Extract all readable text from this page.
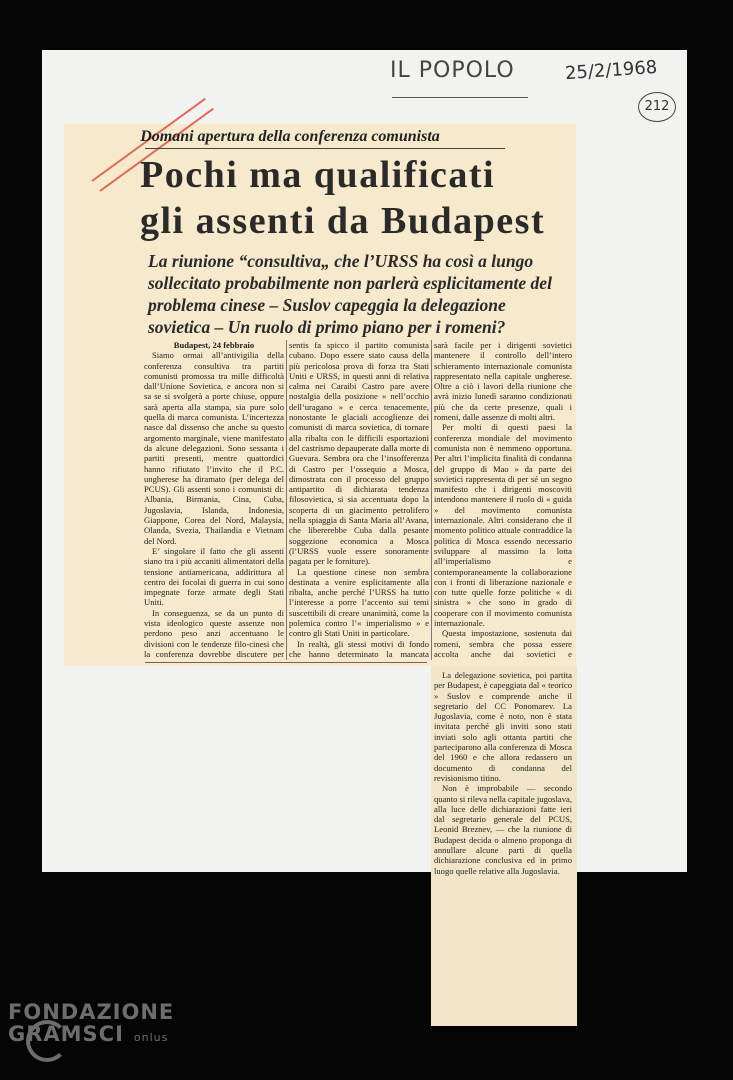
IL POPOLO	25/2/1968
212
Domani apertura della conferenza comunista
Pochi ma qualificati
gli assenti da Budapest
La riunione “consultiva„ che l’URSS ha così a lungo sollecitato probabilmente non parlerà esplicitamente del problema cinese – Suslov capeggia la delegazione sovietica – Un ruolo di primo piano per i romeni?

Budapest, 24 febbraio

Siamo ormai all’antivigilia della conferenza consultiva tra partiti comunisti promossa tra mille difficoltà dall’Unione Sovietica, e ancora non si sa se si svolgerà a porte chiuse, oppure sarà aperta alla stampa, sia pure solo quella di marca comunista. L’incertezza nasce dal dissenso che anche su questo argomento marginale, viene manifestato da alcune delegazioni. Sono sessanta i partiti presenti, mentre quattordici hanno rifiutato l’invito che il P.C. ungherese ha diramato (per delega del PCUS). Gli assenti sono i comunisti di: Albania, Birmania, Cina, Cuba, Jugoslavia, Islanda, Indonesia, Giappone, Corea del Nord, Malaysia, Olanda, Svezia, Thailandia e Vietnam del Nord.

E’ singolare il fatto che gli assenti siano tra i più accaniti alimentatori della tensione antiamericana, addirittura al centro dei focolai di guerra in cui sono impegnate forze armate degli Stati Uniti.

In conseguenza, se da un punto di vista ideologico queste assenze non perdono peso anzi accentuano le divisioni con le tendenze filo-cinesi che la conferenza dovrebbe discutere per

sentis fa spicco il partito comunista cubano. Dopo essere stato causa della più pericolosa prova di forza tra Stati Uniti e URSS, in questi anni di relativa calma nei Caraibi Castro pare avere nostalgia della posizione « nell’occhio dell’uragano » e cerca tenacemente, nonostante le glaciali accoglienze dei comunisti di marca sovietica, di tornare alla ribalta con le difficili esportazioni del castrismo depauperate dalla morte di Guevara. Sembra ora che l’insofferenza di Castro per l’ossequio a Mosca, dimostrata con il processo del gruppo antipartito di dichiarata tendenza filosovietica, si sia accentuata dopo la scoperta di un giacimento petrolifero nella spiaggia di Santa Maria all’Avana, che libererebbe Cuba dalla pesante soggezione economica a Mosca (l’URSS vuole essere sonoramente pagata per le forniture).

La questione cinese non sembra destinata a venire esplicitamente alla ribalta, anche perché l’URSS ha tutto l’interesse a porre l’accento sui temi suscettibili di creare unanimità, come la polemica contro l’« imperialismo » e contro gli Stati Uniti in particolare.

In realtà, gli stessi motivi di fondo che hanno determinato la mancata

sarà facile per i dirigenti sovietici mantenere il controllo dell’intero schieramento internazionale comunista rappresentato nella capitale ungherese. Oltre a ciò i lavori della riunione che avrà inizio lunedì saranno condizionati più che da certe presenze, quali i romeni, dalle assenze di molti altri.

Per molti di questi paesi la conferenza mondiale del movimento comunista non è nemmeno opportuna. Per altri l’implicita finalità di condanna del gruppo di Mao » da parte dei sovietici rappresenta di per sé un segno manifesto che i dirigenti moscoviti intendono mantenere il ruolo di « guida » del movimento comunista internazionale. Altri considerano che il momento politico attuale contraddice la politica di Mosca essendo necessario sviluppare al massimo la lotta all’imperialismo e contemporaneamente la collaborazione con i fronti di liberazione nazionale e con tutte quelle forze politiche « di sinistra » che sono in grado di cooperare con il movimento comunista internazionale.

Questa impostazione, sostenuta dai romeni, sembra che possa essere accolta anche dai sovietici e

La delegazione sovietica, poi partita per Budapest, è capeggiata dal « teorico » Suslov e comprende anche il segretario del CC Ponomarev. La Jugoslavia, come è noto, non è stata invitata perché gli inviti sono stati inviati solo agli ottanta partiti che parteciparono alla conferenza di Mosca del 1960 e che allora redassero un documento di condanna del revisionismo titino.

Non è improbabile — secondo quanto si rileva nella capitale jugoslava, alla luce delle dichiarazioni fatte ieri dal segretario generale del PCUS, Leonid Breznev, — che la riunione di Budapest decida o almeno proponga di annullare alcune parti di quella dichiarazione conclusiva ed in primo luogo quelle relative alla Jugoslavia.

FONDAZIONE
GRAMSCI onlus
